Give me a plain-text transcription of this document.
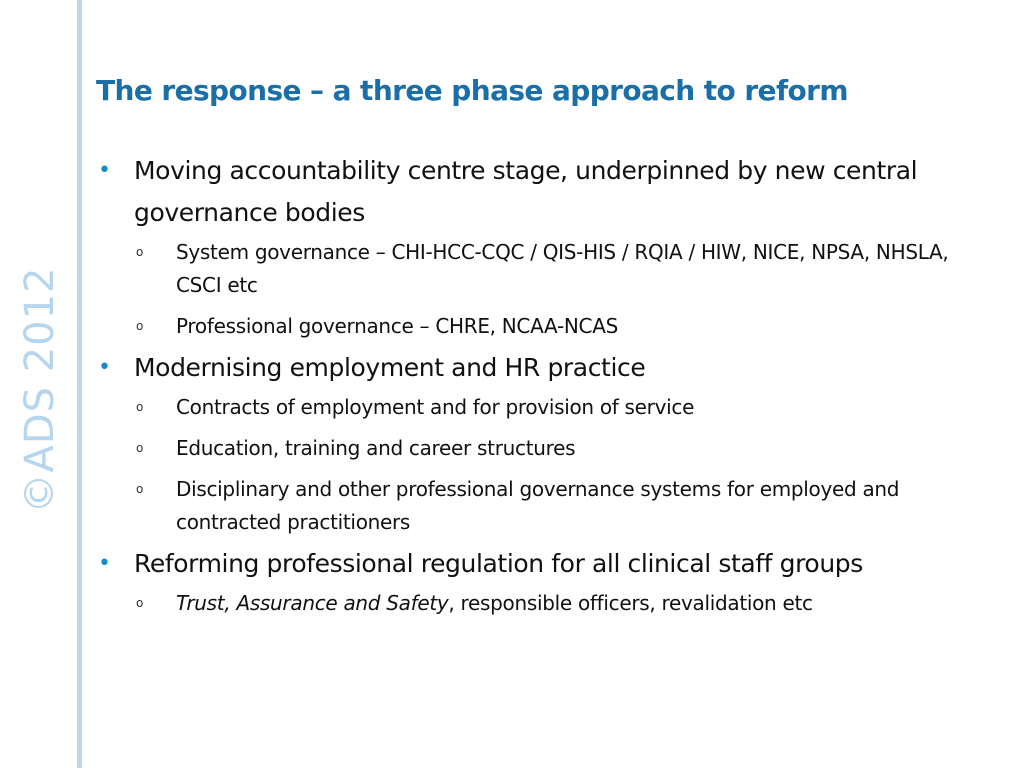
©ADS 2012
The response – a three phase approach to reform
• Moving accountability centre stage, underpinned by new central governance bodies
o System governance – CHI-HCC-CQC / QIS-HIS / RQIA / HIW, NICE, NPSA, NHSLA, CSCI etc
o Professional governance – CHRE, NCAA-NCAS
• Modernising employment and HR practice
o Contracts of employment and for provision of service
o Education, training and career structures
o Disciplinary and other professional governance systems for employed and contracted practitioners
• Reforming professional regulation for all clinical staff groups
o Trust, Assurance and Safety, responsible officers, revalidation etc
